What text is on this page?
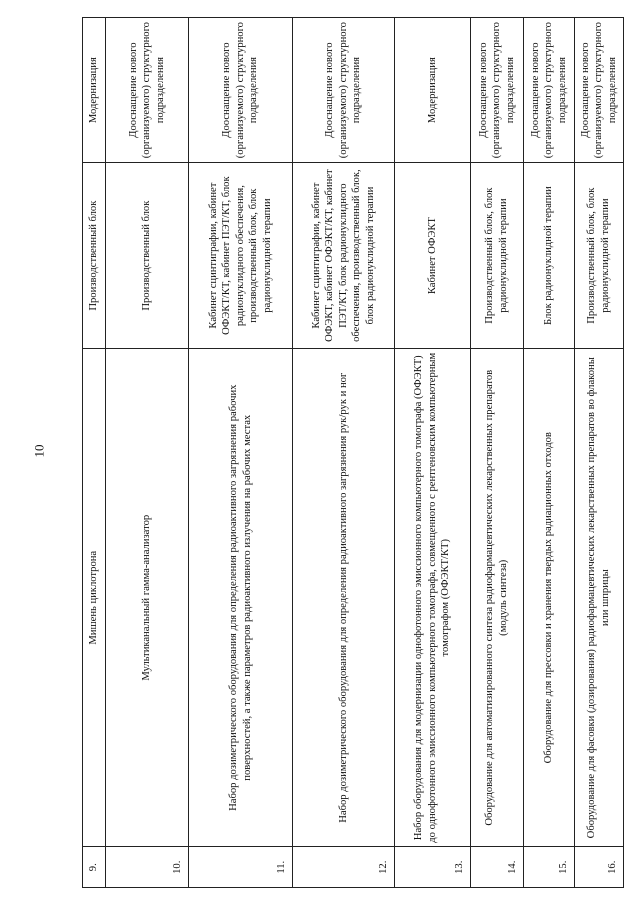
10
9.	Мишень циклотрона	Производственный блок	Модернизация
10.	Мультиканальный гамма-анализатор	Производственный блок	Дооснащение нового (организуемого) структурного подразделения
11.	Набор дозиметрического оборудования для определения радиоактивного загрязнения рабочих поверхностей, а также параметров радиоактивного излучения на рабочих местах	Кабинет сцинтиграфии, кабинет ОФЭКТ/КТ, кабинет ПЭТ/КТ, блок радионуклидного обеспечения, производственный блок, блок радионуклидной терапии	Дооснащение нового (организуемого) структурного подразделения
12.	Набор дозиметрического оборудования для определения радиоактивного загрязнения рук/рук и ног	Кабинет сцинтиграфии, кабинет ОФЭКТ, кабинет ОФЭКТ/КТ, кабинет ПЭТ/КТ, блок радионуклидного обеспечения, производственный блок, блок радионуклидной терапии	Дооснащение нового (организуемого) структурного подразделения
13.	Набор оборудования для модернизации однофотонного эмиссионного компьютерного томографа (ОФЭКТ) до однофотонного эмиссионного компьютерного томографа, совмещенного с рентгеновским компьютерным томографом (ОФЭКТ/КТ)	Кабинет ОФЭКТ	Модернизация
14.	Оборудование для автоматизированного синтеза радиофармацевтических лекарственных препаратов (модуль синтеза)	Производственный блок, блок радионуклидной терапии	Дооснащение нового (организуемого) структурного подразделения
15.	Оборудование для прессовки и хранения твердых радиационных отходов	Блок радионуклидной терапии	Дооснащение нового (организуемого) структурного подразделения
16.	Оборудование для фасовки (дозирования) радиофармацевтических лекарственных препаратов во флаконы или шприцы	Производственный блок, блок радионуклидной терапии	Дооснащение нового (организуемого) структурного подразделения
